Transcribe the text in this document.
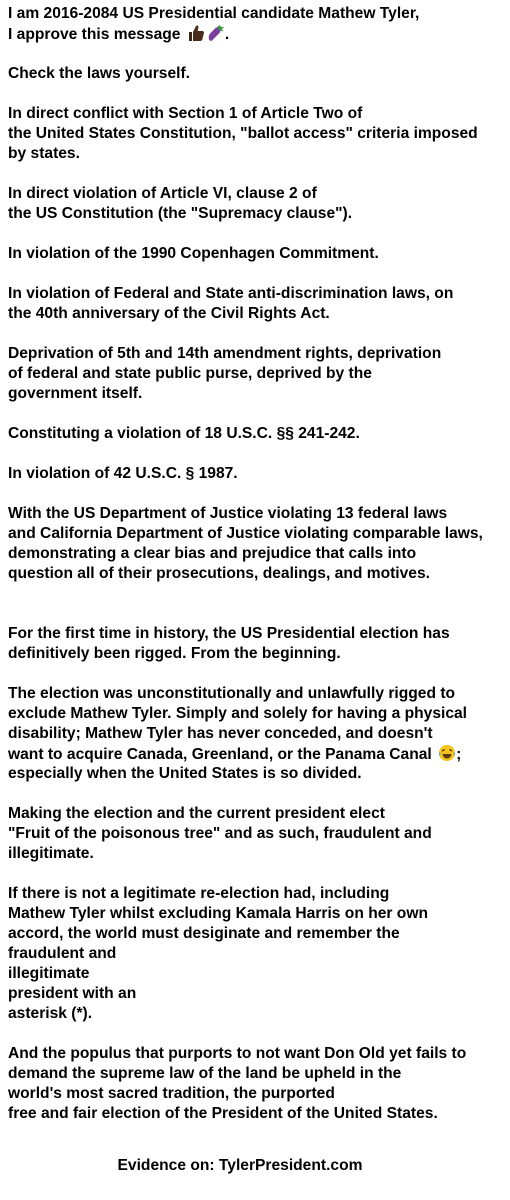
I am 2016-2084 US Presidential candidate Mathew Tyler,
I approve this message	.
Check the laws yourself.
In direct conflict with Section 1 of Article Two of
the United States Constitution, "ballot access" criteria imposed
by states.
In direct violation of Article VI, clause 2 of
the US Constitution (the "Supremacy clause").
In violation of the 1990 Copenhagen Commitment.
In violation of Federal and State anti-discrimination laws, on
the 40th anniversary of the Civil Rights Act.
Deprivation of 5th and 14th amendment rights, deprivation
of federal and state public purse, deprived by the
government itself.
Constituting a violation of 18 U.S.C. §§ 241-242.
In violation of 42 U.S.C. § 1987.
With the US Department of Justice violating 13 federal laws
and California Department of Justice violating comparable laws,
demonstrating a clear bias and prejudice that calls into
question all of their prosecutions, dealings, and motives.
For the first time in history, the US Presidential election has
definitively been rigged. From the beginning.
The election was unconstitutionally and unlawfully rigged to
exclude Mathew Tyler. Simply and solely for having a physical
disability; Mathew Tyler has never conceded, and doesn't
want to acquire Canada, Greenland, or the Panama Canal ;
especially when the United States is so divided.
Making the election and the current president elect
"Fruit of the poisonous tree" and as such, fraudulent and
illegitimate.
If there is not a legitimate re-election had, including
Mathew Tyler whilst excluding Kamala Harris on her own
accord, the world must desiginate and remember the
fraudulent and
illegitimate
president with an
asterisk (*).
And the populus that purports to not want Don Old yet fails to
demand the supreme law of the land be upheld in the
world's most sacred tradition, the purported
free and fair election of the President of the United States.
Evidence on: TylerPresident.com
